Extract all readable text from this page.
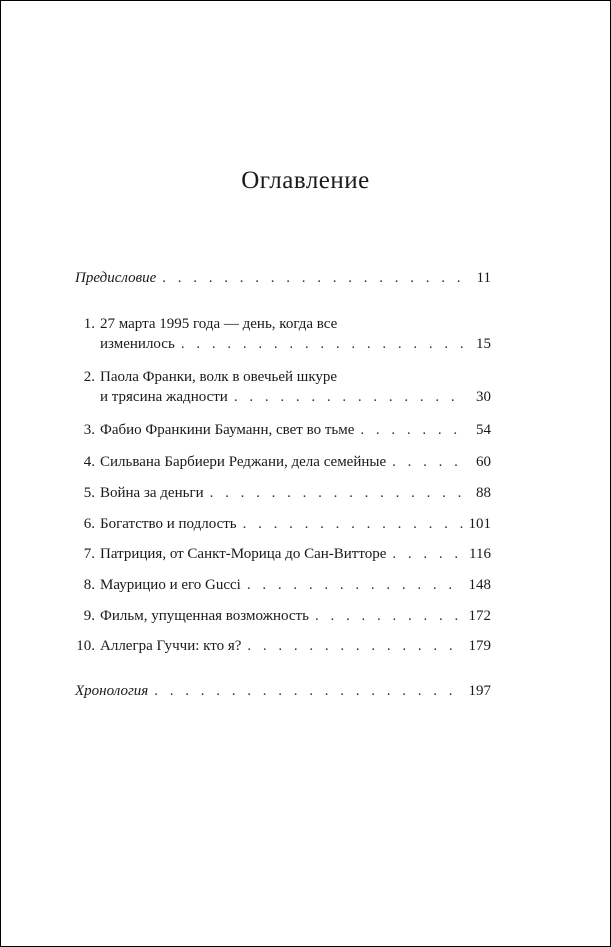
Оглавление
Предисловие . . .	11
1. 27 марта 1995 года — день, когда все
изменилось . . .	15
2. Паола Франки, волк в овечьей шкуре
и трясина жадности . . .	30
3. Фабио Франкини Бауманн, свет во тьме . . .	54
4. Сильвана Барбиери Реджани, дела семейные . . .	60
5. Война за деньги . . .	88
6. Богатство и подлость . . .	101
7. Патриция, от Санкт-Морица до Сан-Витторе . . .	116
8. Маурицио и его Gucci . . .	148
9. Фильм, упущенная возможность . . .	172
10. Аллегра Гуччи: кто я? . . .	179
Хронология . . .	197
